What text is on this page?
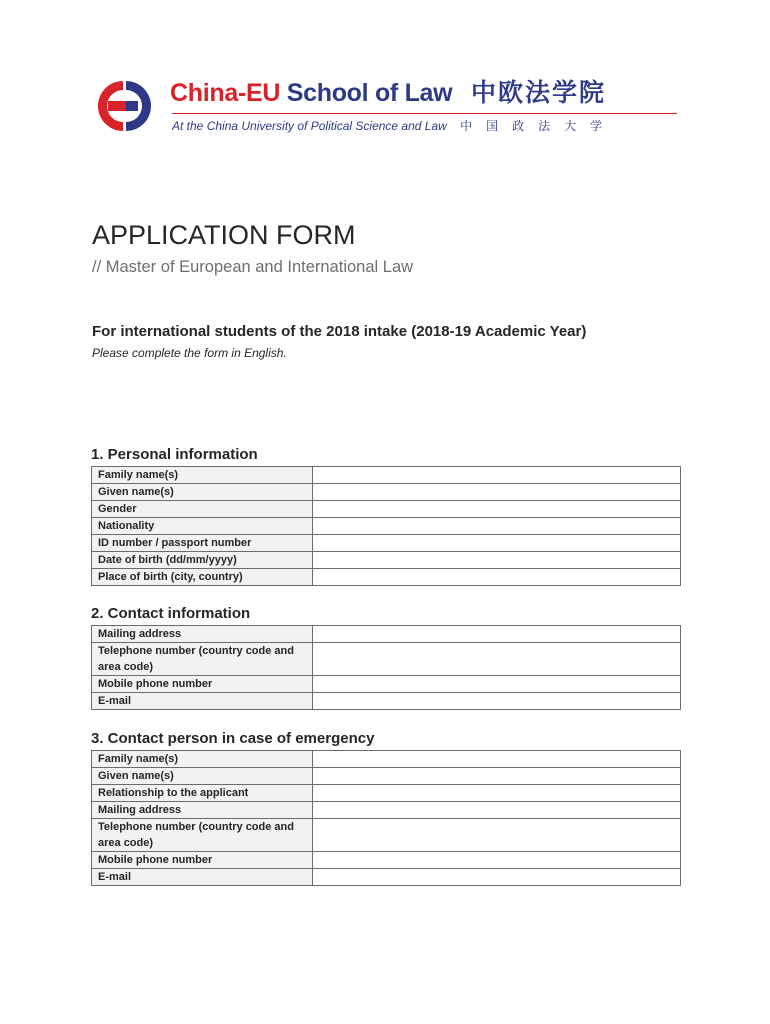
China-EU School of Law 中欧法学院
At the China University of Political Science and Law 中国政法大学
APPLICATION FORM
// Master of European and International Law
For international students of the 2018 intake (2018-19 Academic Year)
Please complete the form in English.
1. Personal information
Family name(s)	
Given name(s)	
Gender	
Nationality	
ID number / passport number	
Date of birth (dd/mm/yyyy)	
Place of birth (city, country)	
2. Contact information
Mailing address	
Telephone number (country code and area code)	
Mobile phone number	
E-mail	
3. Contact person in case of emergency
Family name(s)	
Given name(s)	
Relationship to the applicant	
Mailing address	
Telephone number (country code and area code)	
Mobile phone number	
E-mail	
